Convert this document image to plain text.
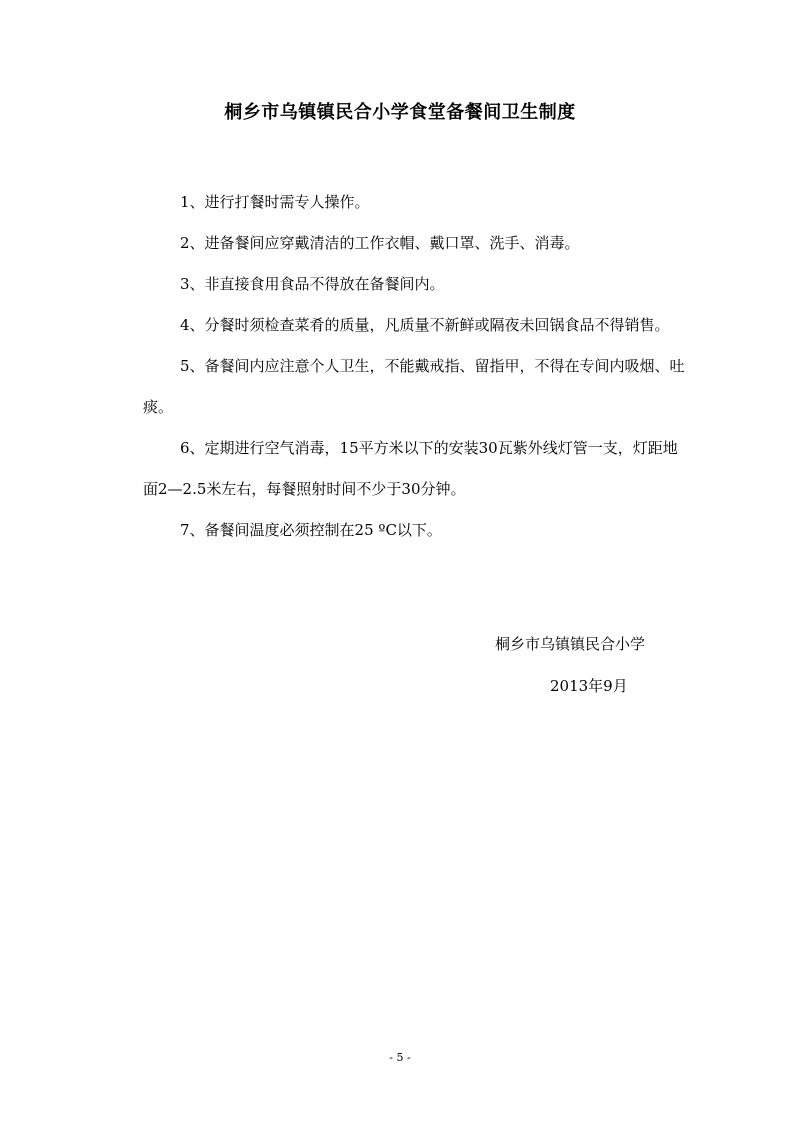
桐乡市乌镇镇民合小学食堂备餐间卫生制度

1、进行打餐时需专人操作。

2、进备餐间应穿戴清洁的工作衣帽、戴口罩、洗手、消毒。

3、非直接食用食品不得放在备餐间内。

4、分餐时须检查菜肴的质量，凡质量不新鲜或隔夜未回锅食品不得销售。

5、备餐间内应注意个人卫生，不能戴戒指、留指甲，不得在专间内吸烟、吐痰。

6、定期进行空气消毒，15平方米以下的安装30瓦紫外线灯管一支，灯距地面2—2.5米左右，每餐照射时间不少于30分钟。

7、备餐间温度必须控制在25 ºC以下。

桐乡市乌镇镇民合小学
2013年9月
- 5 -
